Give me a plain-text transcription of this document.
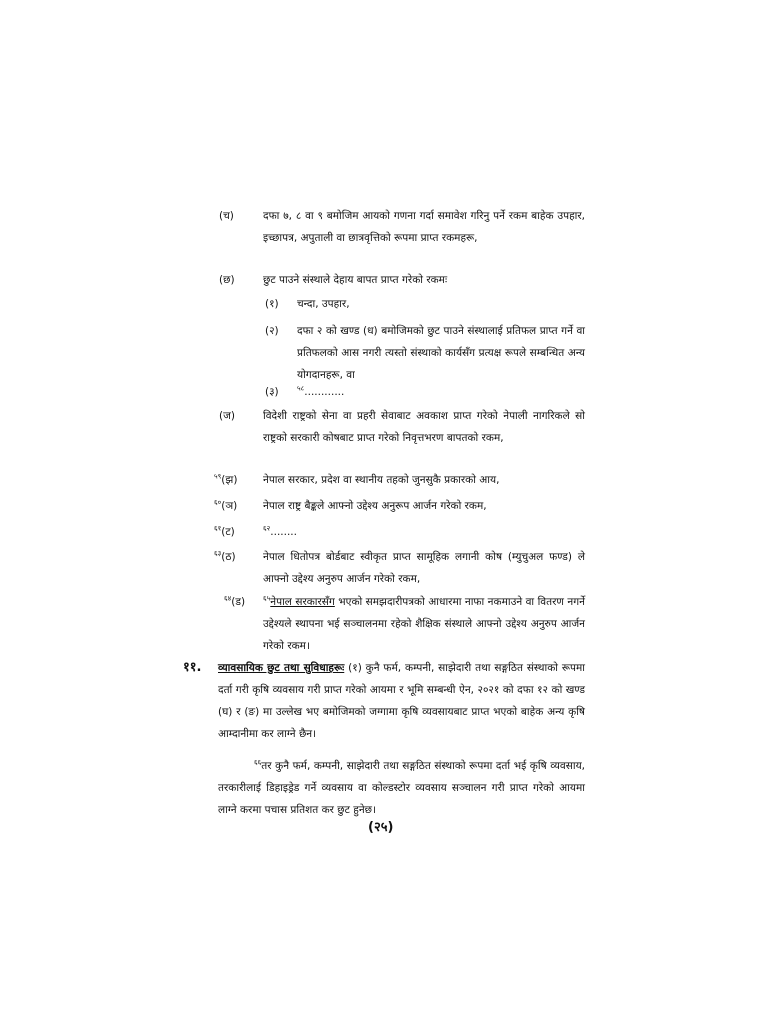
(च)	दफा ७, ८ वा ९ बमोजिम आयको गणना गर्दा समावेश गरिनु पर्ने रकम बाहेक उपहार, इच्छापत्र, अपुताली वा छात्रवृत्तिको रूपमा प्राप्त रकमहरू,
(छ)	छुट पाउने संस्थाले देहाय बापत प्राप्त गरेको रकमः
(१) चन्दा, उपहार,
(२) दफा २ को खण्ड (ध) बमोजिमको छुट पाउने संस्थालाई प्रतिफल प्राप्त गर्ने वा प्रतिफलको आस नगरी त्यस्तो संस्थाको कार्यसँग प्रत्यक्ष रूपले सम्बन्धित अन्य योगदानहरू, वा
(३)	$^{५८}$............
(ज)	विदेशी राष्ट्रको सेना वा प्रहरी सेवाबाट अवकाश प्राप्त गरेको नेपाली नागरिकले सो राष्ट्रको सरकारी कोषबाट प्राप्त गरेको निवृत्तभरण बापतको रकम,
$^{५९}$(झ) नेपाल सरकार, प्रदेश वा स्थानीय तहको जुनसुकै प्रकारको आय,
$^{६०}$(ञ) नेपाल राष्ट्र बैङ्कले आफ्नो उद्देश्य अनुरूप आर्जन गरेको रकम,
$^{६१}$(ट)	$^{६२}$........
$^{६३}$(ठ)	नेपाल धितोपत्र बोर्डबाट स्वीकृत प्राप्त सामूहिक लगानी कोष (म्युचुअल फण्ड) ले आफ्नो उद्देश्य अनुरुप आर्जन गरेको रकम,
$^{६४}$(ड)	$^{६५}$नेपाल सरकारसँग भएको समझदारीपत्रको आधारमा नाफा नकमाउने वा वितरण नगर्ने उद्देश्यले स्थापना भई सञ्चालनमा रहेको शैक्षिक संस्थाले आफ्नो उद्देश्य अनुरुप आर्जन गरेको रकम।
११. व्यावसायिक छुट तथा सुविधाहरूः (१) कुनै फर्म, कम्पनी, साझेदारी तथा सङ्गठित संस्थाको रूपमा दर्ता गरी कृषि व्यवसाय गरी प्राप्त गरेको आयमा र भूमि सम्बन्धी ऐन, २०२१ को दफा १२ को खण्ड (घ) र (ङ) मा उल्लेख भए बमोजिमको जग्गामा कृषि व्यवसायबाट प्राप्त भएको बाहेक अन्य कृषि आम्दानीमा कर लाग्ने छैन।
$^{६६}$तर कुनै फर्म, कम्पनी, साझेदारी तथा सङ्गठित संस्थाको रूपमा दर्ता भई कृषि व्यवसाय, तरकारीलाई डिहाइड्रेड गर्ने व्यवसाय वा कोल्डस्टोर व्यवसाय सञ्चालन गरी प्राप्त गरेको आयमा लाग्ने करमा पचास प्रतिशत कर छुट हुनेछ।
(२५)
